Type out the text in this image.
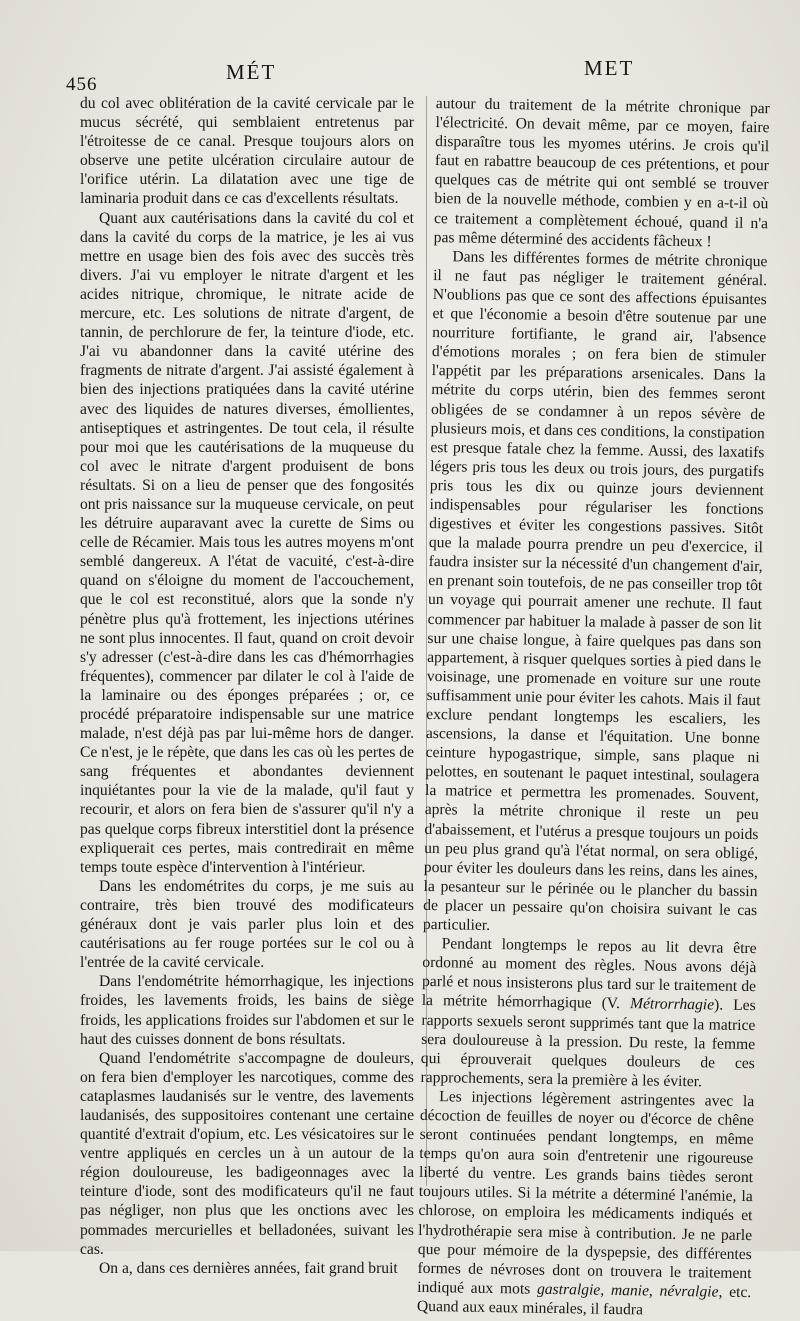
456
MÉT	MET

du col avec oblitération de la cavité cervicale par le mucus sécrété, qui semblaient entretenus par l'étroitesse de ce canal. Presque toujours alors on observe une petite ulcération circulaire autour de l'orifice utérin. La dilatation avec une tige de laminaria produit dans ce cas d'excellents résultats.

Quant aux cautérisations dans la cavité du col et dans la cavité du corps de la matrice, je les ai vus mettre en usage bien des fois avec des succès très divers. J'ai vu employer le nitrate d'argent et les acides nitrique, chromique, le nitrate acide de mercure, etc. Les solutions de nitrate d'argent, de tannin, de perchlorure de fer, la teinture d'iode, etc. J'ai vu abandonner dans la cavité utérine des fragments de nitrate d'argent. J'ai assisté également à bien des injections pratiquées dans la cavité utérine avec des liquides de natures diverses, émollientes, antiseptiques et astringentes. De tout cela, il résulte pour moi que les cautérisations de la muqueuse du col avec le nitrate d'argent produisent de bons résultats. Si on a lieu de penser que des fongosités ont pris naissance sur la muqueuse cervicale, on peut les détruire auparavant avec la curette de Sims ou celle de Récamier. Mais tous les autres moyens m'ont semblé dangereux. A l'état de vacuité, c'est-à-dire quand on s'éloigne du moment de l'accouchement, que le col est reconstitué, alors que la sonde n'y pénètre plus qu'à frottement, les injections utérines ne sont plus innocentes. Il faut, quand on croit devoir s'y adresser (c'est-à-dire dans les cas d'hémorrhagies fréquentes), commencer par dilater le col à l'aide de la laminaire ou des éponges préparées ; or, ce procédé préparatoire indispensable sur une matrice malade, n'est déjà pas par lui-même hors de danger. Ce n'est, je le répète, que dans les cas où les pertes de sang fréquentes et abondantes deviennent inquiétantes pour la vie de la malade, qu'il faut y recourir, et alors on fera bien de s'assurer qu'il n'y a pas quelque corps fibreux interstitiel dont la présence expliquerait ces pertes, mais contredirait en même temps toute espèce d'intervention à l'intérieur.

Dans les endométrites du corps, je me suis au contraire, très bien trouvé des modificateurs généraux dont je vais parler plus loin et des cautérisations au fer rouge portées sur le col ou à l'entrée de la cavité cervicale.

Dans l'endométrite hémorrhagique, les injections froides, les lavements froids, les bains de siège froids, les applications froides sur l'abdomen et sur le haut des cuisses donnent de bons résultats.

Quand l'endométrite s'accompagne de douleurs, on fera bien d'employer les narcotiques, comme des cataplasmes laudanisés sur le ventre, des lavements laudanisés, des suppositoires contenant une certaine quantité d'extrait d'opium, etc. Les vésicatoires sur le ventre appliqués en cercles un à un autour de la région douloureuse, les badigeonnages avec la teinture d'iode, sont des modificateurs qu'il ne faut pas négliger, non plus que les onctions avec les pommades mercurielles et belladonées, suivant les cas.

On a, dans ces dernières années, fait grand bruit

autour du traitement de la métrite chronique par l'électricité. On devait même, par ce moyen, faire disparaître tous les myomes utérins. Je crois qu'il faut en rabattre beaucoup de ces prétentions, et pour quelques cas de métrite qui ont semblé se trouver bien de la nouvelle méthode, combien y en a-t-il où ce traitement a complètement échoué, quand il n'a pas même déterminé des accidents fâcheux !

Dans les différentes formes de métrite chronique il ne faut pas négliger le traitement général. N'oublions pas que ce sont des affections épuisantes et que l'économie a besoin d'être soutenue par une nourriture fortifiante, le grand air, l'absence d'émotions morales ; on fera bien de stimuler l'appétit par les préparations arsenicales. Dans la métrite du corps utérin, bien des femmes seront obligées de se condamner à un repos sévère de plusieurs mois, et dans ces conditions, la constipation est presque fatale chez la femme. Aussi, des laxatifs légers pris tous les deux ou trois jours, des purgatifs pris tous les dix ou quinze jours deviennent indispensables pour régulariser les fonctions digestives et éviter les congestions passives. Sitôt que la malade pourra prendre un peu d'exercice, il faudra insister sur la nécessité d'un changement d'air, en prenant soin toutefois, de ne pas conseiller trop tôt un voyage qui pourrait amener une rechute. Il faut commencer par habituer la malade à passer de son lit sur une chaise longue, à faire quelques pas dans son appartement, à risquer quelques sorties à pied dans le voisinage, une promenade en voiture sur une route suffisamment unie pour éviter les cahots. Mais il faut exclure pendant longtemps les escaliers, les ascensions, la danse et l'équitation. Une bonne ceinture hypogastrique, simple, sans plaque ni pelottes, en soutenant le paquet intestinal, soulagera la matrice et permettra les promenades. Souvent, après la métrite chronique il reste un peu d'abaissement, et l'utérus a presque toujours un poids un peu plus grand qu'à l'état normal, on sera obligé, pour éviter les douleurs dans les reins, dans les aines, la pesanteur sur le périnée ou le plancher du bassin de placer un pessaire qu'on choisira suivant le cas particulier.

Pendant longtemps le repos au lit devra être ordonné au moment des règles. Nous avons déjà parlé et nous insisterons plus tard sur le traitement de la métrite hémorrhagique (V. Métrorrhagie). Les rapports sexuels seront supprimés tant que la matrice sera douloureuse à la pression. Du reste, la femme qui éprouverait quelques douleurs de ces rapprochements, sera la première à les éviter.

Les injections légèrement astringentes avec la décoction de feuilles de noyer ou d'écorce de chêne seront continuées pendant longtemps, en même temps qu'on aura soin d'entretenir une rigoureuse liberté du ventre. Les grands bains tièdes seront toujours utiles. Si la métrite a déterminé l'anémie, la chlorose, on emploira les médicaments indiqués et l'hydrothérapie sera mise à contribution. Je ne parle que pour mémoire de la dyspepsie, des différentes formes de névroses dont on trouvera le traitement indiqué aux mots gastralgie, manie, névralgie, etc. Quand aux eaux minérales, il faudra
